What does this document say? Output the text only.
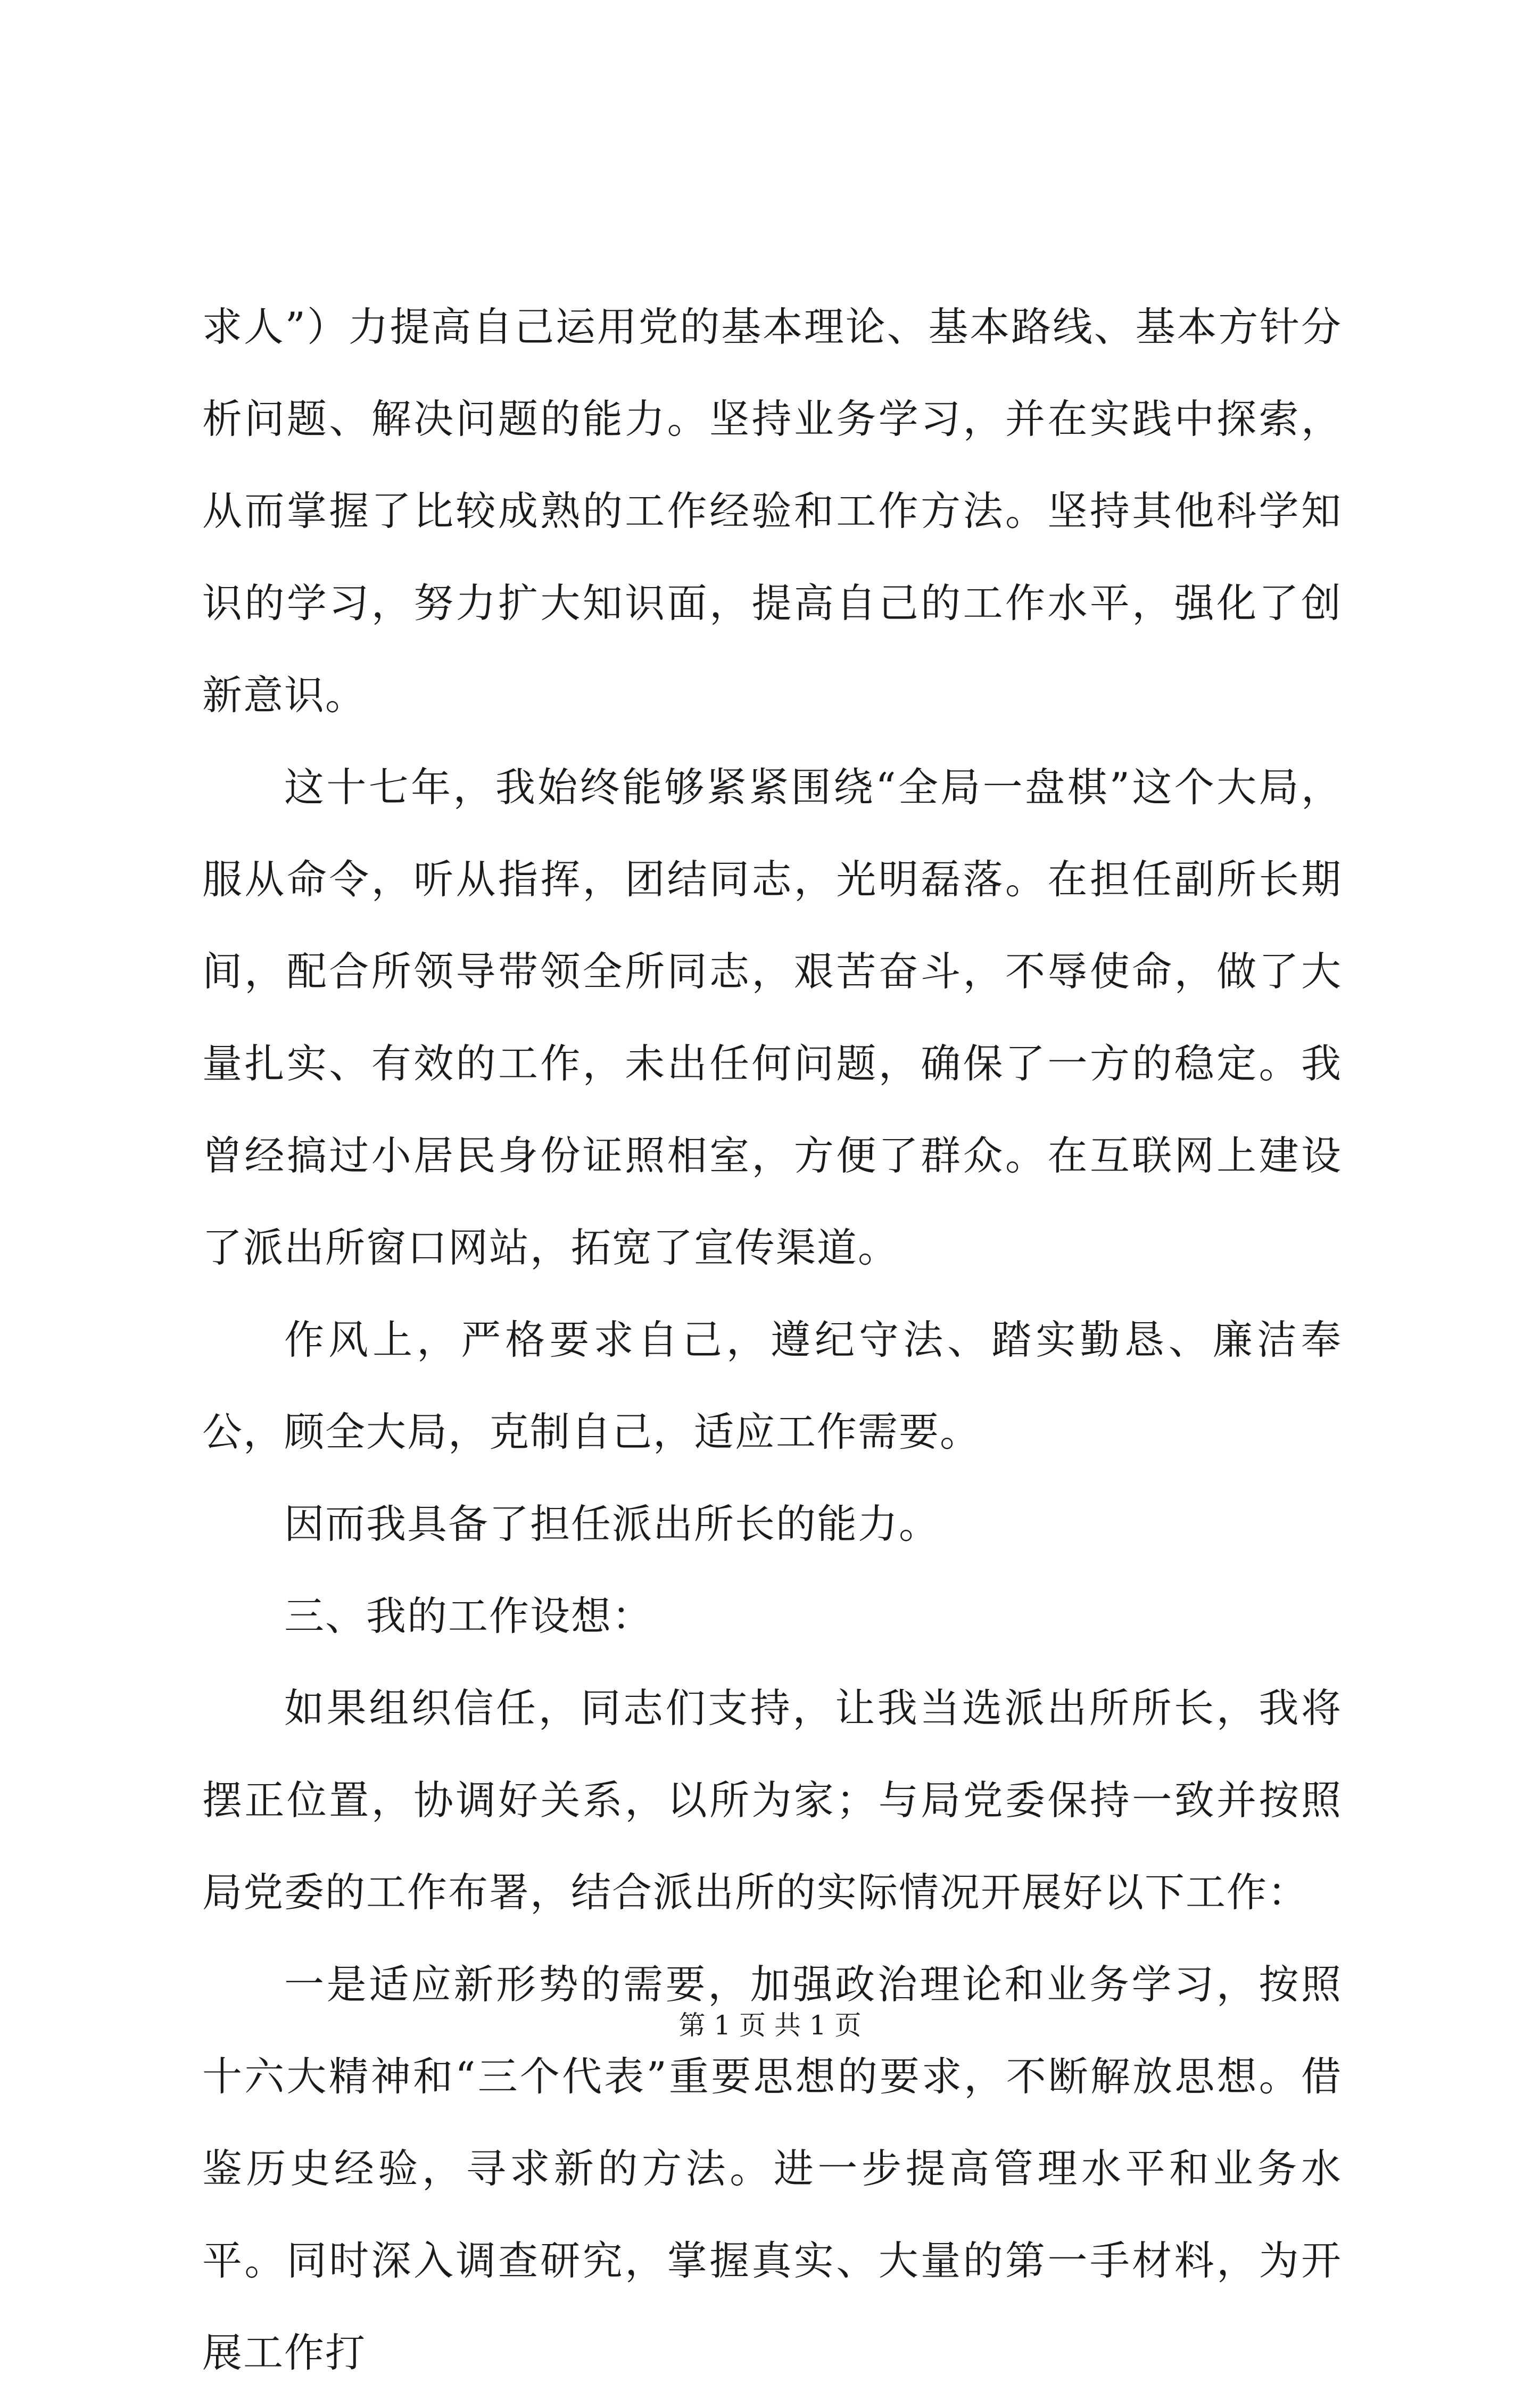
求人”）力提高自己运用党的基本理论、基本路线、基本方针分析问题、解决问题的能力。坚持业务学习，并在实践中探索，从而掌握了比较成熟的工作经验和工作方法。坚持其他科学知识的学习，努力扩大知识面，提高自己的工作水平，强化了创新意识。

这十七年，我始终能够紧紧围绕“全局一盘棋”这个大局，服从命令，听从指挥，团结同志，光明磊落。在担任副所长期间，配合所领导带领全所同志，艰苦奋斗，不辱使命，做了大量扎实、有效的工作，未出任何问题，确保了一方的稳定。我曾经搞过小居民身份证照相室，方便了群众。在互联网上建设了派出所窗口网站，拓宽了宣传渠道。

作风上，严格要求自己，遵纪守法、踏实勤恳、廉洁奉公，顾全大局，克制自己，适应工作需要。

因而我具备了担任派出所长的能力。

三、我的工作设想：

如果组织信任，同志们支持，让我当选派出所所长，我将摆正位置，协调好关系，以所为家；与局党委保持一致并按照局党委的工作布署，结合派出所的实际情况开展好以下工作：

一是适应新形势的需要，加强政治理论和业务学习，按照十六大精神和“三个代表”重要思想的要求，不断解放思想。借鉴历史经验，寻求新的方法。进一步提高管理水平和业务水平。同时深入调查研究，掌握真实、大量的第一手材料，为开展工作打

第 1 页 共 1 页
